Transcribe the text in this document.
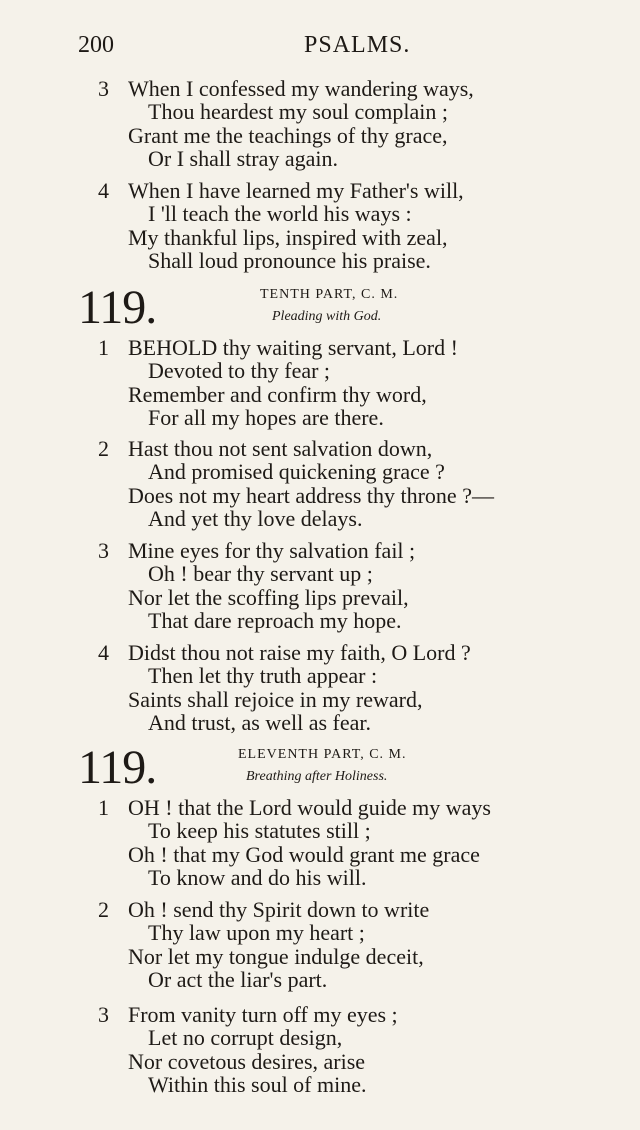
200	PSALMS.
3 When I confessed my wandering ways,
Thou heardest my soul complain ;
Grant me the teachings of thy grace,
Or I shall stray again.
4 When I have learned my Father's will,
I 'll teach the world his ways :
My thankful lips, inspired with zeal,
Shall loud pronounce his praise.
119.	TENTH PART, C. M.
Pleading with God.
1 BEHOLD thy waiting servant, Lord !
Devoted to thy fear ;
Remember and confirm thy word,
For all my hopes are there.
2 Hast thou not sent salvation down,
And promised quickening grace ?
Does not my heart address thy throne ?—
And yet thy love delays.
3 Mine eyes for thy salvation fail ;
Oh ! bear thy servant up ;
Nor let the scoffing lips prevail,
That dare reproach my hope.
4 Didst thou not raise my faith, O Lord ?
Then let thy truth appear :
Saints shall rejoice in my reward,
And trust, as well as fear.
119.	ELEVENTH PART, C. M.
Breathing after Holiness.
1 OH ! that the Lord would guide my ways
To keep his statutes still ;
Oh ! that my God would grant me grace
To know and do his will.
2 Oh ! send thy Spirit down to write
Thy law upon my heart ;
Nor let my tongue indulge deceit,
Or act the liar's part.
3 From vanity turn off my eyes ;
Let no corrupt design,
Nor covetous desires, arise
Within this soul of mine.
